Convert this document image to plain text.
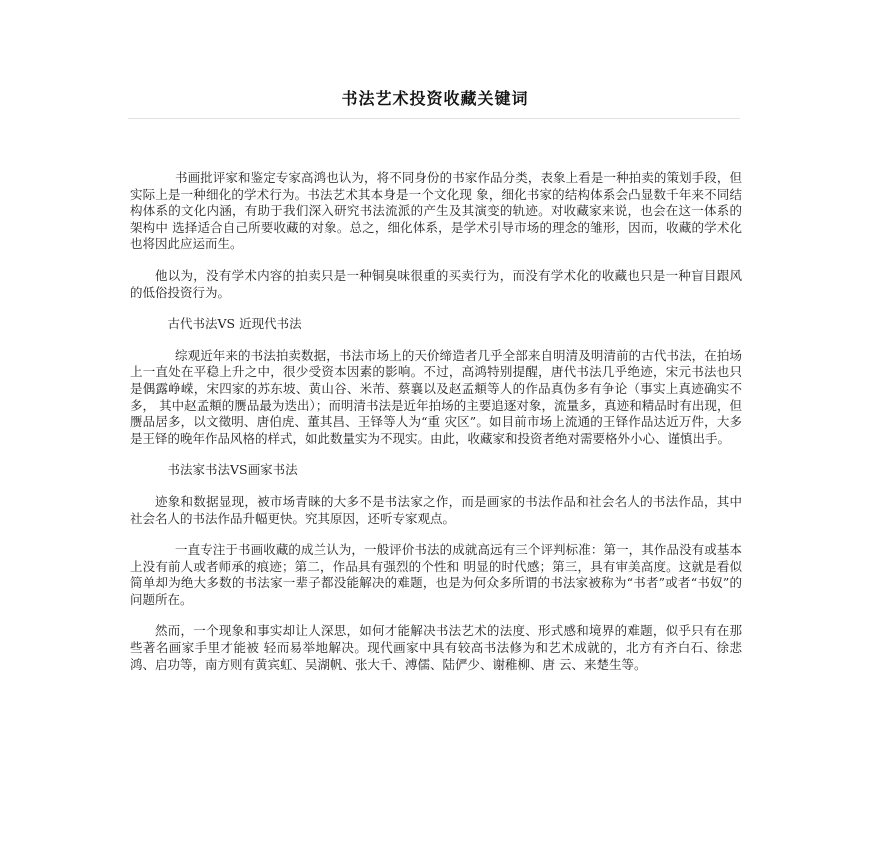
书法艺术投资收藏关键词

书画批评家和鉴定专家高鸿也认为，将不同身份的书家作品分类，表象上看是一种拍卖的策划手段，但实际上是一种细化的学术行为。书法艺术其本身是一个文化现 象，细化书家的结构体系会凸显数千年来不同结构体系的文化内涵，有助于我们深入研究书法流派的产生及其演变的轨迹。对收藏家来说，也会在这一体系的架构中 选择适合自己所要收藏的对象。总之，细化体系，是学术引导市场的理念的雏形，因而，收藏的学术化也将因此应运而生。

他以为，没有学术内容的拍卖只是一种铜臭味很重的买卖行为，而没有学术化的收藏也只是一种盲目跟风的低俗投资行为。

古代书法VS 近现代书法

综观近年来的书法拍卖数据，书法市场上的天价缔造者几乎全部来自明清及明清前的古代书法，在拍场上一直处在平稳上升之中，很少受资本因素的影响。不过，高鸿特别提醒，唐代书法几乎绝迹，宋元书法也只是偶露峥嵘，宋四家的苏东坡、黄山谷、米芾、蔡襄以及赵孟頫等人的作品真伪多有争论（事实上真迹确实不多， 其中赵孟頫的赝品最为迭出）；而明清书法是近年拍场的主要追逐对象，流量多，真迹和精品时有出现，但赝品居多，以文徵明、唐伯虎、董其昌、王铎等人为“重 灾区”。如目前市场上流通的王铎作品达近万件，大多是王铎的晚年作品风格的样式，如此数量实为不现实。由此，收藏家和投资者绝对需要格外小心、谨慎出手。

书法家书法VS画家书法

迹象和数据显现，被市场青睐的大多不是书法家之作，而是画家的书法作品和社会名人的书法作品，其中社会名人的书法作品升幅更快。究其原因，还听专家观点。

一直专注于书画收藏的成兰认为，一般评价书法的成就高远有三个评判标准：第一，其作品没有或基本上没有前人或者师承的痕迹；第二，作品具有强烈的个性和 明显的时代感；第三，具有审美高度。这就是看似简单却为绝大多数的书法家一辈子都没能解决的难题，也是为何众多所谓的书法家被称为“书者”或者“书奴”的 问题所在。

然而，一个现象和事实却让人深思，如何才能解决书法艺术的法度、形式感和境界的难题，似乎只有在那些著名画家手里才能被 轻而易举地解决。现代画家中具有较高书法修为和艺术成就的，北方有齐白石、徐悲鸿、启功等，南方则有黄宾虹、吴湖帆、张大千、溥儒、陆俨少、谢稚柳、唐 云、来楚生等。
